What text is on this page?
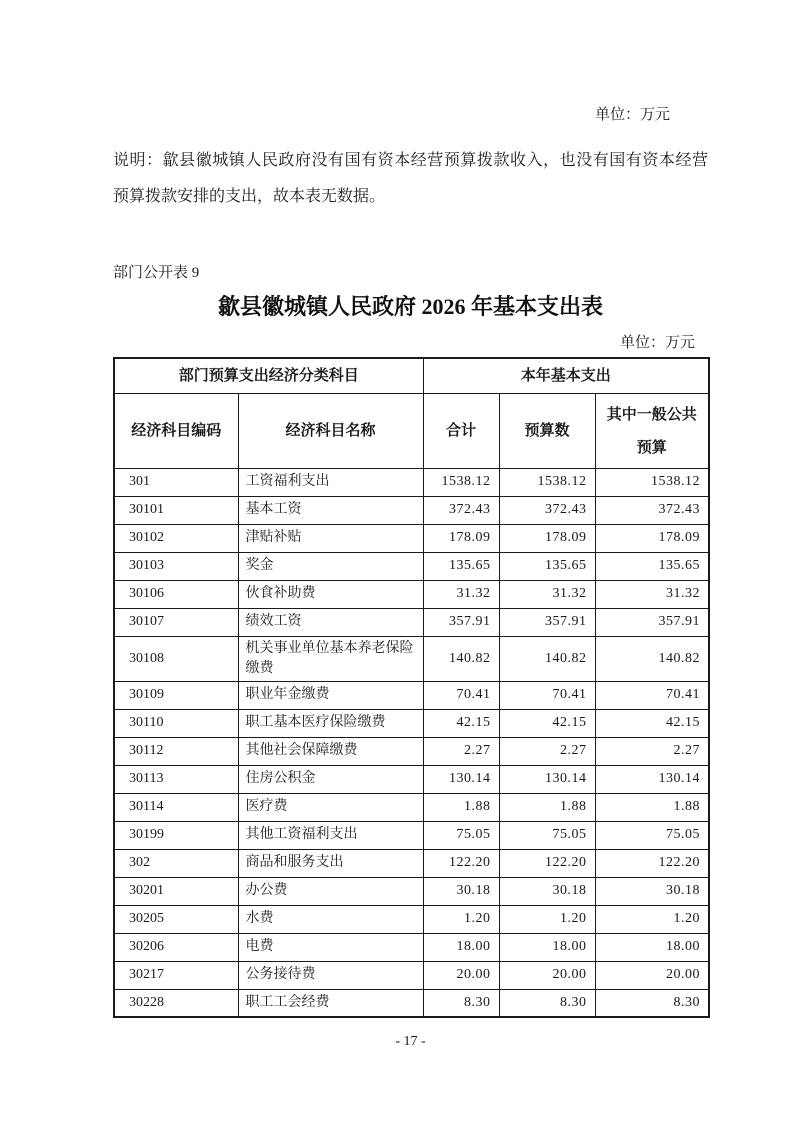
单位：万元
说明：歙县徽城镇人民政府没有国有资本经营预算拨款收入，也没有国有资本经营
预算拨款安排的支出，故本表无数据。
部门公开表 9
歙县徽城镇人民政府 2026 年基本支出表
单位：万元
部门预算支出经济分类科目		本年基本支出		
经济科目编码	经济科目名称	合计	预算数	其中一般公共预算
301	工资福利支出	1538.12	1538.12	1538.12
30101	基本工资	372.43	372.43	372.43
30102	津贴补贴	178.09	178.09	178.09
30103	奖金	135.65	135.65	135.65
30106	伙食补助费	31.32	31.32	31.32
30107	绩效工资	357.91	357.91	357.91
30108	机关事业单位基本养老保险缴费	140.82	140.82	140.82
30109	职业年金缴费	70.41	70.41	70.41
30110	职工基本医疗保险缴费	42.15	42.15	42.15
30112	其他社会保障缴费	2.27	2.27	2.27
30113	住房公积金	130.14	130.14	130.14
30114	医疗费	1.88	1.88	1.88
30199	其他工资福利支出	75.05	75.05	75.05
302	商品和服务支出	122.20	122.20	122.20
30201	办公费	30.18	30.18	30.18
30205	水费	1.20	1.20	1.20
30206	电费	18.00	18.00	18.00
30217	公务接待费	20.00	20.00	20.00
30228	职工工会经费	8.30	8.30	8.30
- 17 -
